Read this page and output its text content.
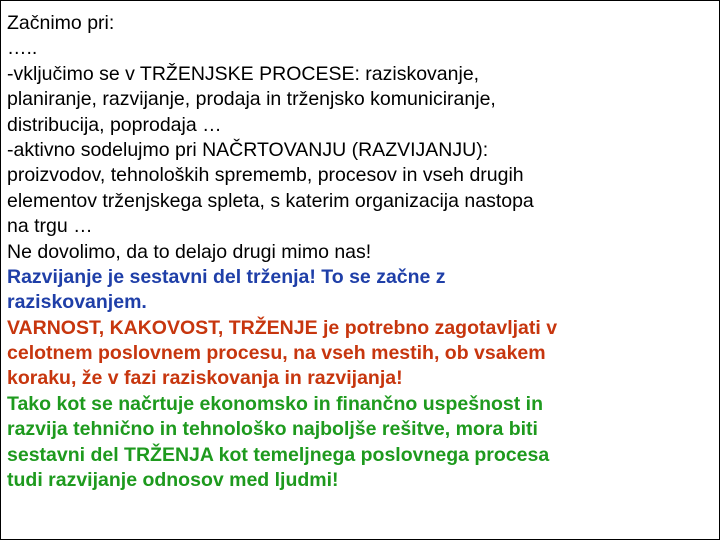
Začnimo pri:
…..
-vključimo se v TRŽENJSKE PROCESE: raziskovanje,
planiranje, razvijanje, prodaja in trženjsko komuniciranje,
distribucija, poprodaja …
-aktivno sodelujmo pri NAČRTOVANJU (RAZVIJANJU):
proizvodov, tehnoloških sprememb, procesov in vseh drugih
elementov trženjskega spleta, s katerim organizacija nastopa
na trgu …
Ne dovolimo, da to delajo drugi mimo nas!
Razvijanje je sestavni del trženja! To se začne z
raziskovanjem.
VARNOST, KAKOVOST, TRŽENJE je potrebno zagotavljati v
celotnem poslovnem procesu, na vseh mestih, ob vsakem
koraku, že v fazi raziskovanja in razvijanja!
Tako kot se načrtuje ekonomsko in finančno uspešnost in
razvija tehnično in tehnološko najboljše rešitve, mora biti
sestavni del TRŽENJA kot temeljnega poslovnega procesa
tudi razvijanje odnosov med ljudmi!
